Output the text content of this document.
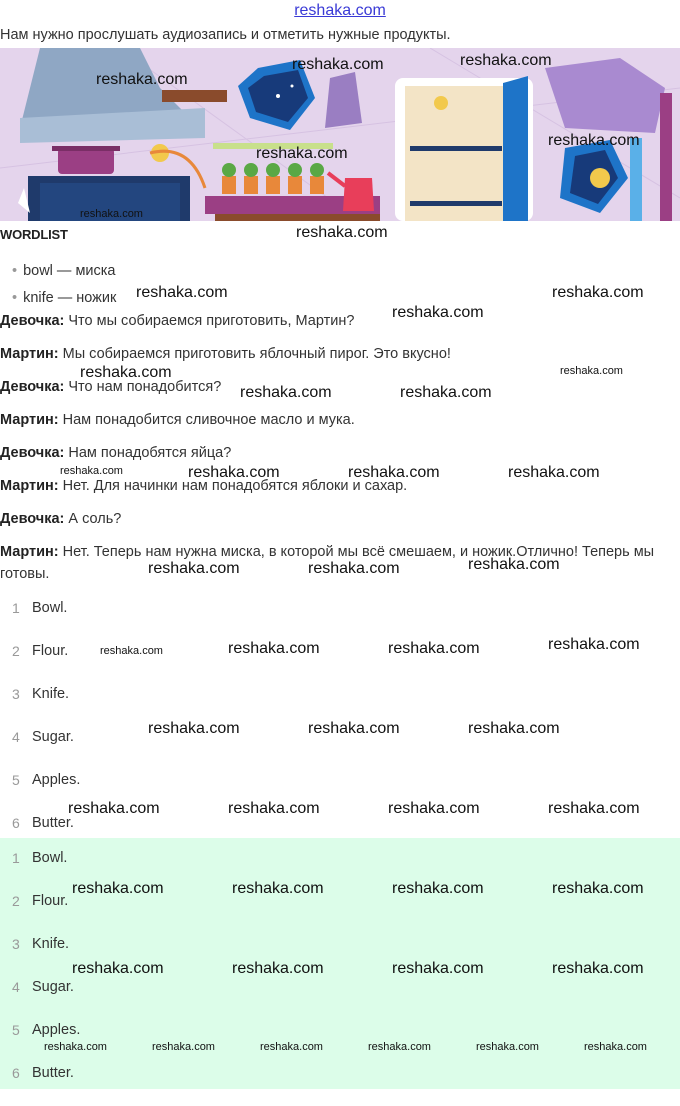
reshaka.com
Нам нужно прослушать аудиозапись и отметить нужные продукты.
WORDLIST
• bowl — миска
• knife — ножик
Девочка: Что мы собираемся приготовить, Мартин?
Мартин: Мы собираемся приготовить яблочный пирог. Это вкусно!
Девочка: Что нам понадобится?
Мартин: Нам понадобится сливочное масло и мука.
Девочка: Нам понадобятся яйца?
Мартин: Нет. Для начинки нам понадобятся яблоки и сахар.
Девочка: А соль?
Мартин: Нет. Теперь нам нужна миска, в которой мы всё смешаем, и ножик.Отлично! Теперь мы готовы.
1 Bowl.
2 Flour.
3 Knife.
4 Sugar.
5 Apples.
6 Butter.
1 Bowl.
2 Flour.
3 Knife.
4 Sugar.
5 Apples.
6 Butter.
reshaka.com
reshaka.com	reshaka.com
reshaka.com
reshaka.com
reshaka.com
reshaka.com
reshaka.com	reshaka.com
reshaka.com
reshaka.com	reshaka.com
reshaka.com	reshaka.com
reshaka.com	reshaka.com	reshaka.com	reshaka.com
reshaka.com	reshaka.com	reshaka.com
reshaka.com	reshaka.com	reshaka.com	reshaka.com
reshaka.com	reshaka.com	reshaka.com
reshaka.com	reshaka.com	reshaka.com	reshaka.com
reshaka.com	reshaka.com	reshaka.com	reshaka.com
reshaka.com	reshaka.com	reshaka.com	reshaka.com
reshaka.com	reshaka.com	reshaka.com	reshaka.com	reshaka.com	reshaka.com
